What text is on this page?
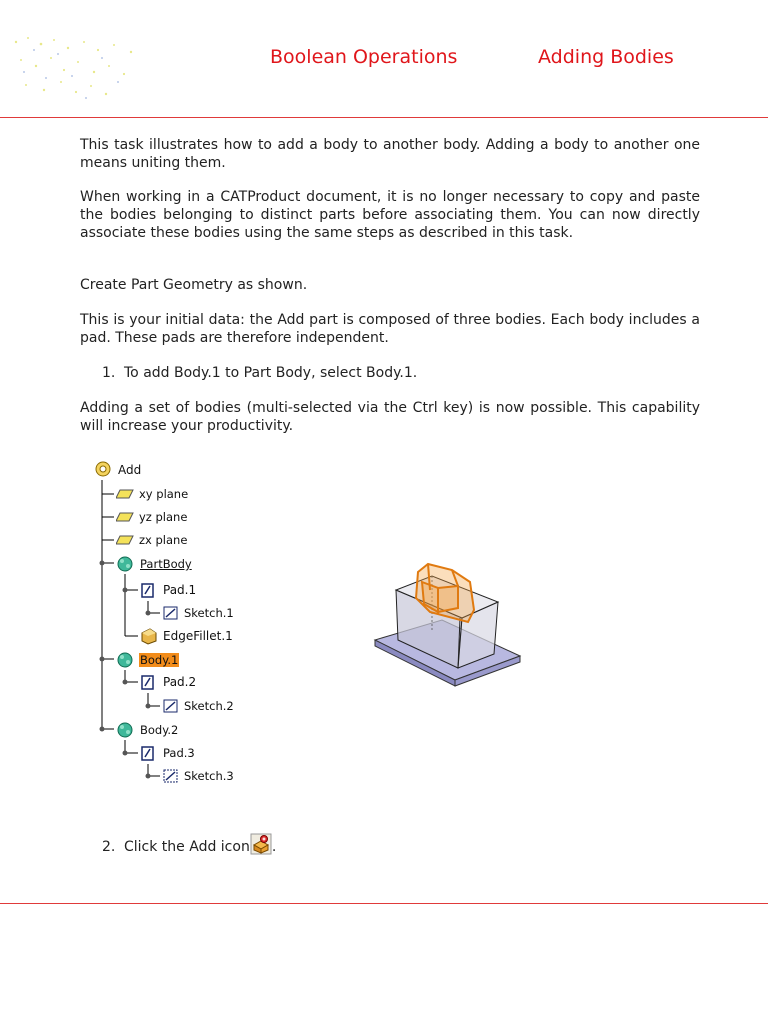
Boolean Operations	Adding Bodies

This task illustrates how to add a body to another body. Adding a body to another one means uniting them.

When working in a CATProduct document, it is no longer necessary to copy and paste the bodies belonging to distinct parts before associating them. You can now directly associate these bodies using the same steps as described in this task.

Create Part Geometry as shown.

This is your initial data: the Add part is composed of three bodies. Each body includes a pad. These pads are therefore independent.

1. To add Body.1 to Part Body, select Body.1.

Adding a set of bodies (multi-selected via the Ctrl key) is now possible. This capability will increase your productivity.

Add
xy plane
yz plane
zx plane
PartBody
Pad.1
Sketch.1
EdgeFillet.1
Body.1
Pad.2
Sketch.2
Body.2
Pad.3
Sketch.3

2. Click the Add icon .
